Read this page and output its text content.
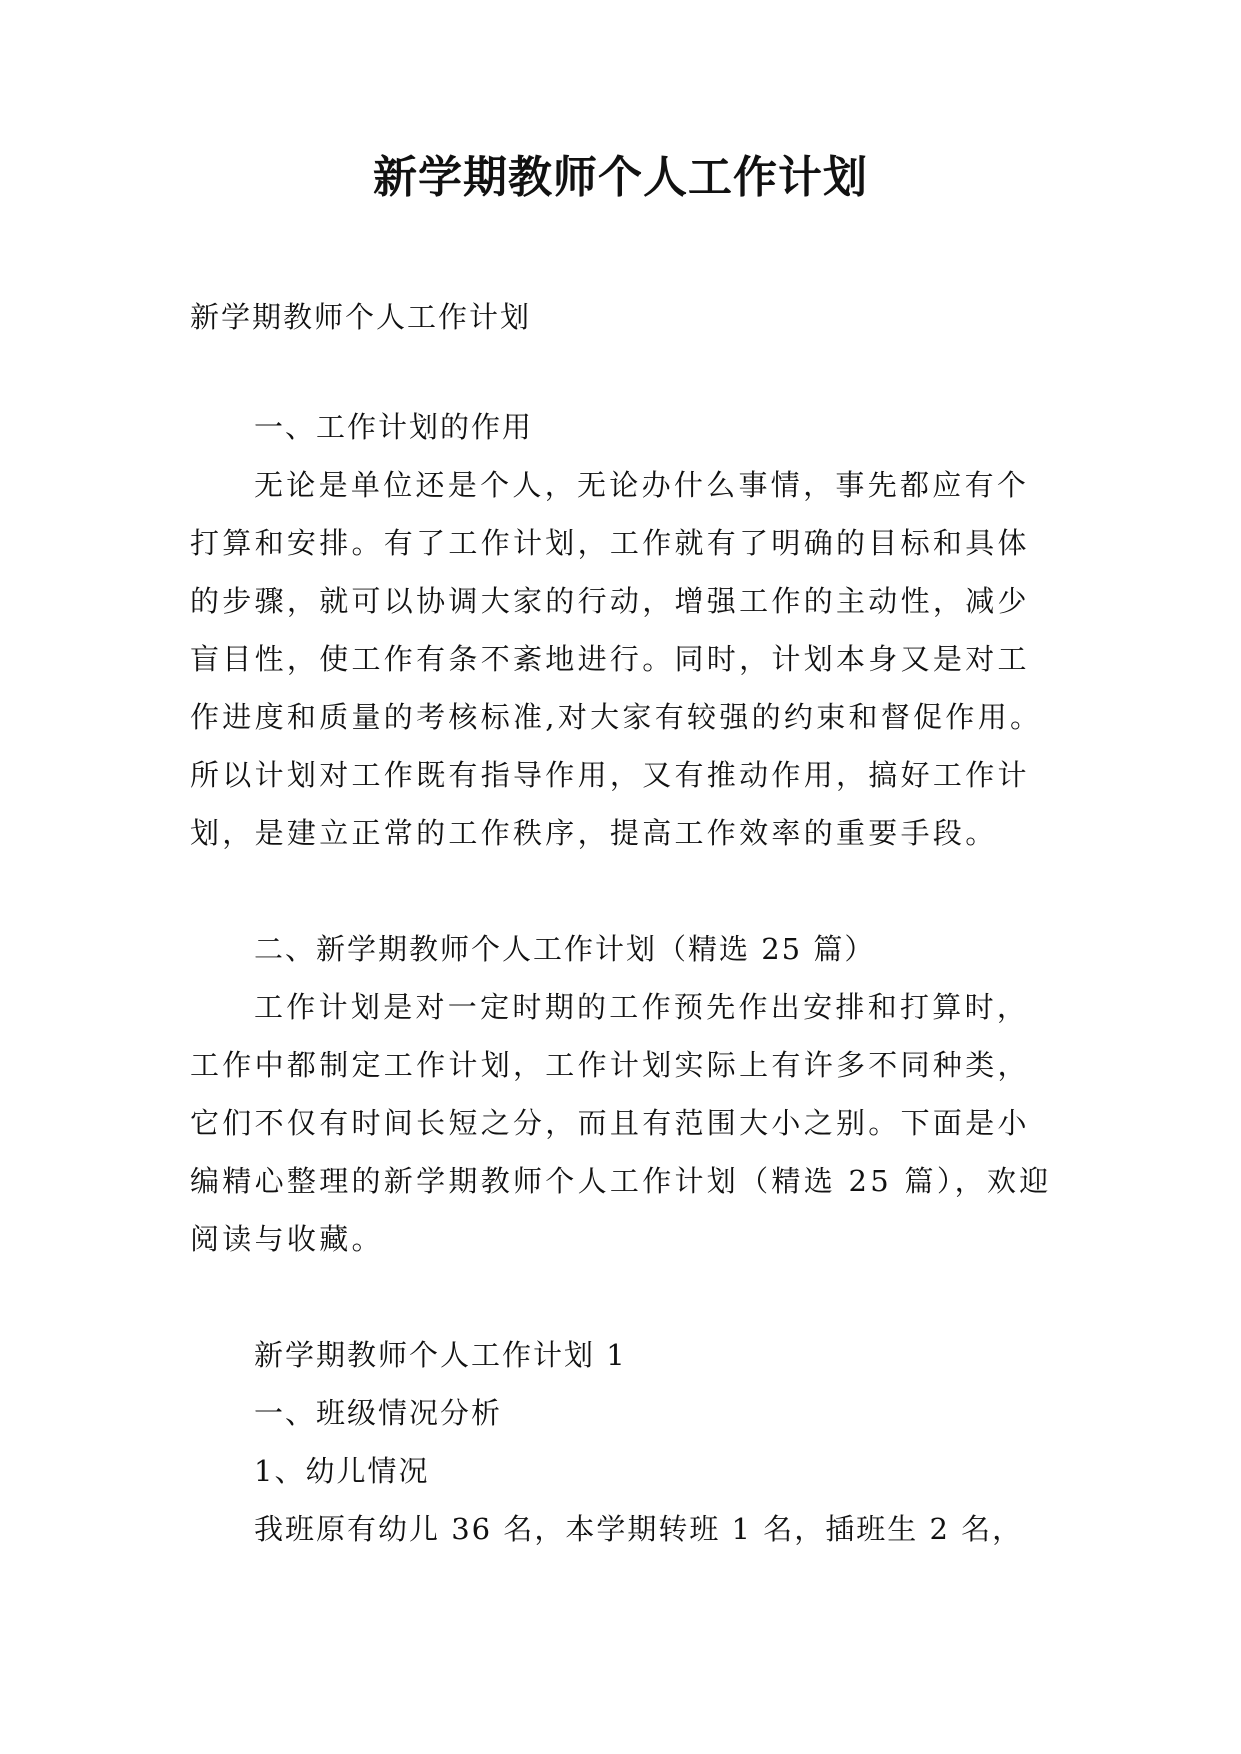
新学期教师个人工作计划
新学期教师个人工作计划
一、工作计划的作用

无论是单位还是个人，无论办什么事情，事先都应有个打算和安排。有了工作计划，工作就有了明确的目标和具体的步骤，就可以协调大家的行动，增强工作的主动性，减少盲目性，使工作有条不紊地进行。同时，计划本身又是对工作进度和质量的考核标准,对大家有较强的约束和督促作用。所以计划对工作既有指导作用，又有推动作用，搞好工作计划，是建立正常的工作秩序，提高工作效率的重要手段。

二、新学期教师个人工作计划（精选 25 篇）

工作计划是对一定时期的工作预先作出安排和打算时，工作中都制定工作计划，工作计划实际上有许多不同种类，它们不仅有时间长短之分，而且有范围大小之别。下面是小编精心整理的新学期教师个人工作计划（精选 25 篇），欢迎阅读与收藏。

新学期教师个人工作计划 1
一、班级情况分析
1、幼儿情况
我班原有幼儿 36 名，本学期转班 1 名，插班生 2 名，
